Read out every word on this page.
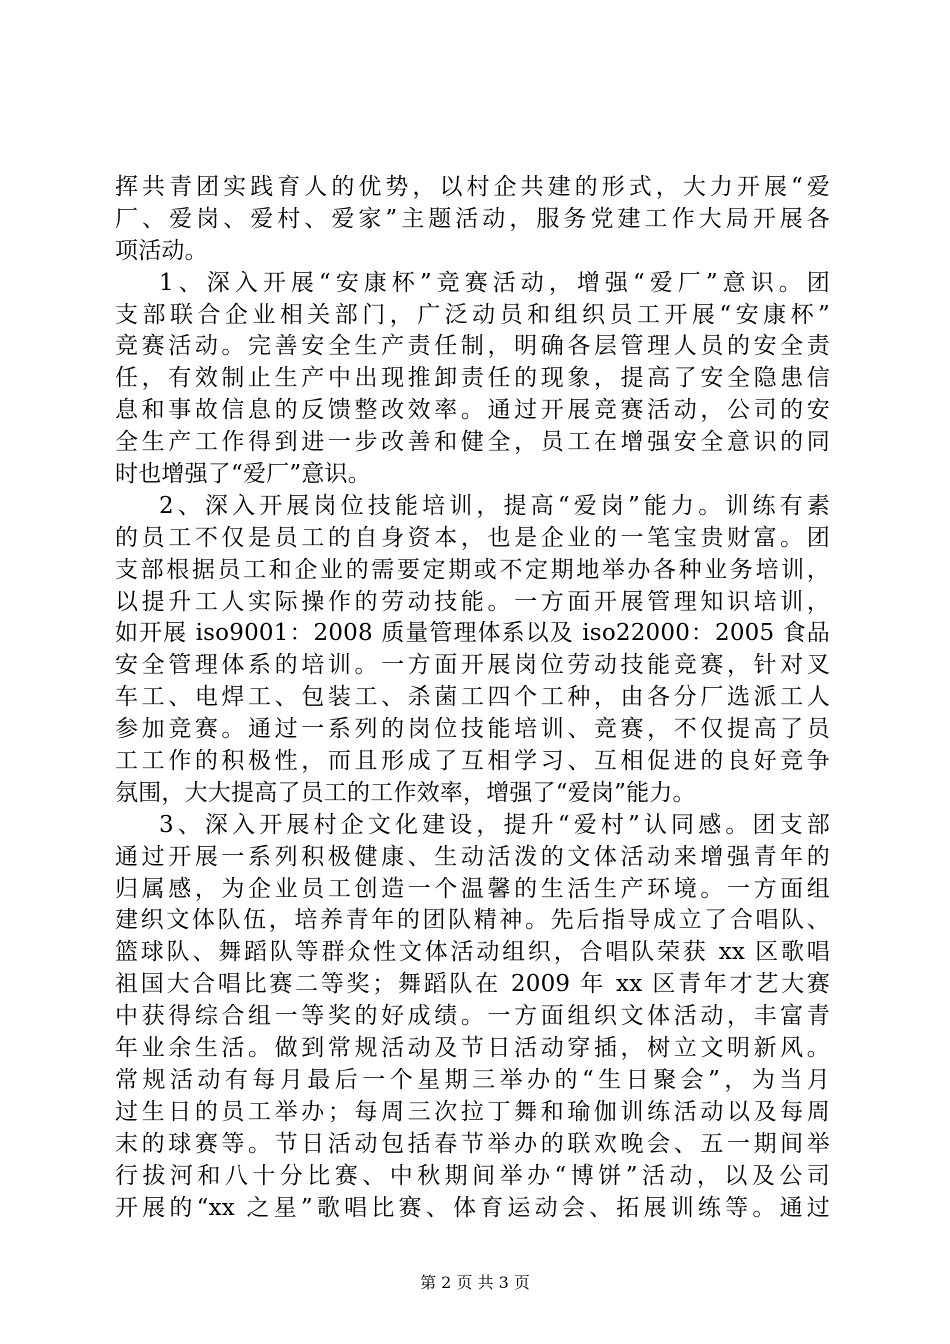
挥共青团实践育人的优势，以村企共建的形式，大力开展“爱
厂、爱岗、爱村、爱家”主题活动，服务党建工作大局开展各
项活动。
1、深入开展“安康杯”竞赛活动，增强“爱厂”意识。团
支部联合企业相关部门，广泛动员和组织员工开展“安康杯”
竞赛活动。完善安全生产责任制，明确各层管理人员的安全责
任，有效制止生产中出现推卸责任的现象，提高了安全隐患信
息和事故信息的反馈整改效率。通过开展竞赛活动，公司的安
全生产工作得到进一步改善和健全，员工在增强安全意识的同
时也增强了“爱厂”意识。
2、深入开展岗位技能培训，提高“爱岗”能力。训练有素
的员工不仅是员工的自身资本，也是企业的一笔宝贵财富。团
支部根据员工和企业的需要定期或不定期地举办各种业务培训，
以提升工人实际操作的劳动技能。一方面开展管理知识培训，
如开展 iso9001：2008 质量管理体系以及 iso22000：2005 食品
安全管理体系的培训。一方面开展岗位劳动技能竞赛，针对叉
车工、电焊工、包装工、杀菌工四个工种，由各分厂选派工人
参加竞赛。通过一系列的岗位技能培训、竞赛，不仅提高了员
工工作的积极性，而且形成了互相学习、互相促进的良好竞争
氛围，大大提高了员工的工作效率，增强了“爱岗”能力。
3、深入开展村企文化建设，提升“爱村”认同感。团支部
通过开展一系列积极健康、生动活泼的文体活动来增强青年的
归属感，为企业员工创造一个温馨的生活生产环境。一方面组
建织文体队伍，培养青年的团队精神。先后指导成立了合唱队、
篮球队、舞蹈队等群众性文体活动组织，合唱队荣获 xx 区歌唱
祖国大合唱比赛二等奖；舞蹈队在 2009 年 xx 区青年才艺大赛
中获得综合组一等奖的好成绩。一方面组织文体活动，丰富青
年业余生活。做到常规活动及节日活动穿插，树立文明新风。
常规活动有每月最后一个星期三举办的“生日聚会”，为当月
过生日的员工举办；每周三次拉丁舞和瑜伽训练活动以及每周
末的球赛等。节日活动包括春节举办的联欢晚会、五一期间举
行拔河和八十分比赛、中秋期间举办“博饼”活动，以及公司
开展的“xx 之星”歌唱比赛、体育运动会、拓展训练等。通过
第 2 页 共 3 页
